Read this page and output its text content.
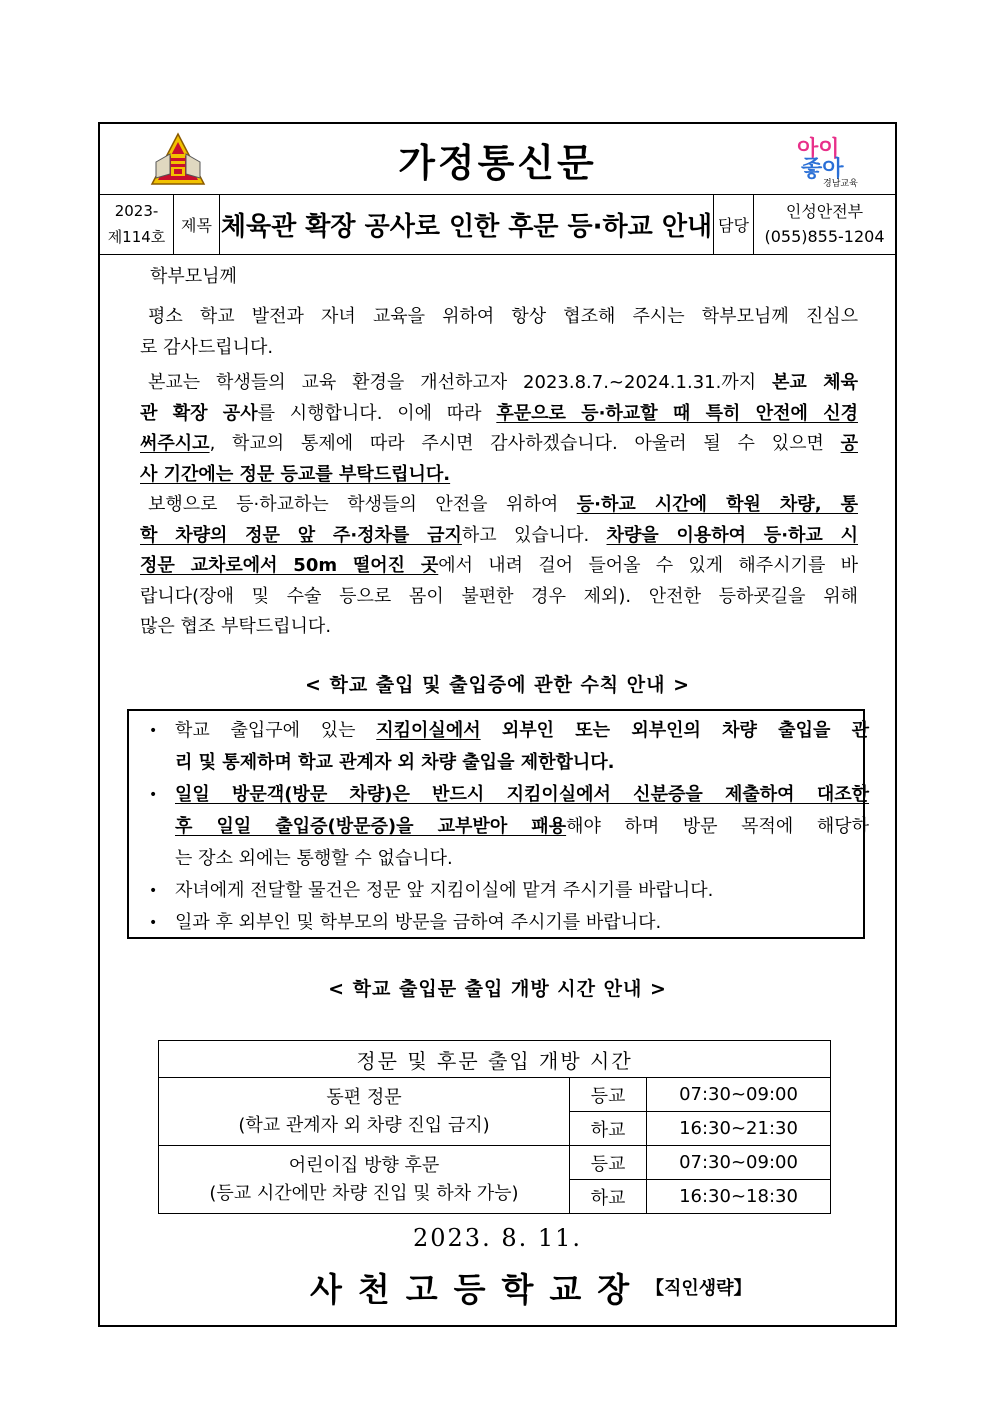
가정통신문	아이
좋아
경남교육
2023-
제114호
제목 체육관 확장 공사로 인한 후문 등·하교 안내 담당
인성안전부
(055)855-1204
학부모님께
평소 학교 발전과 자녀 교육을 위하여 항상 협조해 주시는 학부모님께 진심으
로 감사드립니다.
본교는 학생들의 교육 환경을 개선하고자 2023.8.7.~2024.1.31.까지 본교 체육
관 확장 공사를 시행합니다. 이에 따라 후문으로 등·하교할 때 특히 안전에 신경
써주시고, 학교의 통제에 따라 주시면 감사하겠습니다. 아울러 될 수 있으면 공
사 기간에는 정문 등교를 부탁드립니다.
보행으로 등·하교하는 학생들의 안전을 위하여 등·하교 시간에 학원 차량, 통
학 차량의 정문 앞 주·정차를 금지하고 있습니다. 차량을 이용하여 등·하교 시
정문 교차로에서 50m 떨어진 곳에서 내려 걸어 들어올 수 있게 해주시기를 바
랍니다(장애 및 수술 등으로 몸이 불편한 경우 제외). 안전한 등하굣길을 위해
많은 협조 부탁드립니다.
< 학교 출입 및 출입증에 관한 수칙 안내 >
• 학교 출입구에 있는 지킴이실에서 외부인 또는 외부인의 차량 출입을 관
리 및 통제하며 학교 관계자 외 차량 출입을 제한합니다.
• 일일 방문객(방문 차량)은 반드시 지킴이실에서 신분증을 제출하여 대조한
후 일일 출입증(방문증)을 교부받아 패용해야 하며 방문 목적에 해당하
는 장소 외에는 통행할 수 없습니다.
• 자녀에게 전달할 물건은 정문 앞 지킴이실에 맡겨 주시기를 바랍니다.
• 일과 후 외부인 및 학부모의 방문을 금하여 주시기를 바랍니다.
< 학교 출입문 출입 개방 시간 안내 >
정문 및 후문 출입 개방 시간		
동편 정문
(학교 관계자 외 차량 진입 금지)	등교	07:30~09:00
	하교	16:30~21:30
어린이집 방향 후문
(등교 시간에만 차량 진입 및 하차 가능)	등교	07:30~09:00
	하교	16:30~18:30
2023. 8. 11.
사천고등학교장 【직인생략】
